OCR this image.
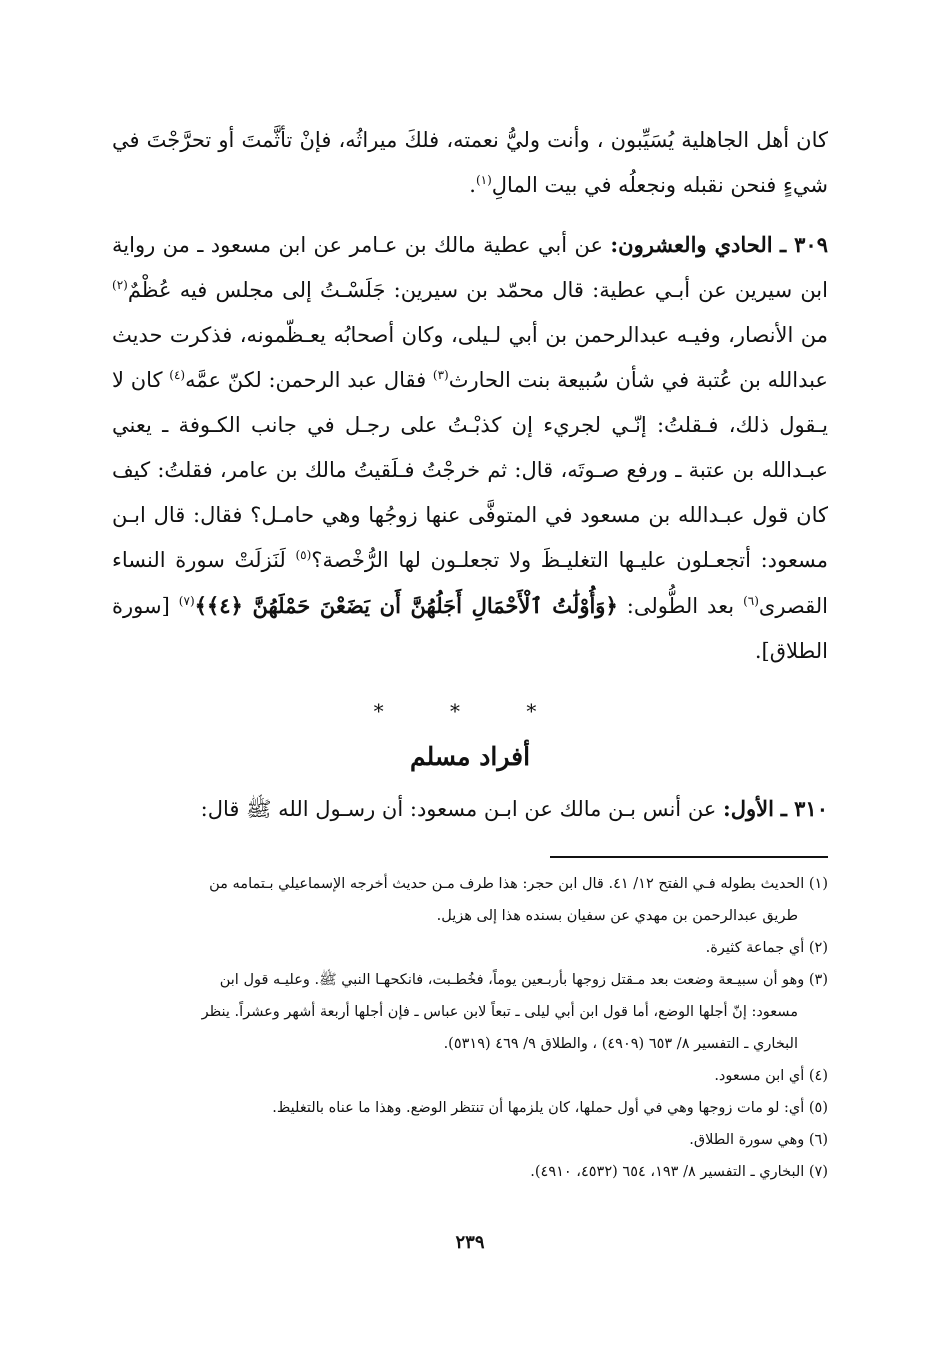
كان أهل الجاهلية يُسَيِّبون ، وأنت وليُّ نعمته، فلكَ ميراثُه، فإنْ تأثَّمتَ أو تحرَّجْتَ في شيءٍ فنحن نقبله ونجعلُه في بيت المالِ$^{(١)}$.

٣٠٩ ـ الحادي والعشرون: عن أبي عطية مالك بن عـامر عن ابن مسعود ـ من رواية ابن سيرين عن أبـي عطية: قال محمّد بن سيرين: جَلَسْـتُ إلى مجلس فيه عُظْمٌ$^{(٢)}$ من الأنصار، وفيـه عبدالرحمن بن أبي لـيلى، وكان أصحابُه يعـظّمونه، فذكرت حديث عبدالله بن عُتبة في شأن سُبيعة بنت الحارث$^{(٣)}$ فقال عبد الرحمن: لكنّ عمَّه$^{(٤)}$ كان لا يـقول ذلك، فـقلتُ: إنّـي لجريء إن كذبْـتُ على رجـل في جانب الكـوفة ـ يعني عبـدالله بن عتبة ـ ورفع صـوتَه، قال: ثم خرجْتُ فـلَقيتُ مالك بن عامر، فقلتُ: كيف كان قول عبـدالله بن مسعود في المتوفَّى عنها زوجُها وهي حامـل؟ فقال: قال ابـن مسعود: أتجعـلون عليـها التغليـظَ ولا تجعلـون لها الرُّخْصة؟$^{(٥)}$ لَنَزلَتْ سورة النساء القصرى$^{(٦)}$ بعد الطُّولى: ﴿وَأُوْلَٰتُ ٱلْأَحْمَالِ أَجَلُهُنَّ أَن يَضَعْنَ حَمْلَهُنَّ ﴿٤﴾﴾$^{(٧)}$ [سورة الطلاق].

* * *
أفراد مسلم

٣١٠ ـ الأول: عن أنس بـن مالك عن ابـن مسعود: أن رسـول الله ﷺ قال:

(١) الحديث بطوله فـي الفتح ١٢/ ٤١. قال ابن حجر: هذا طرف مـن حديث أخرجه الإسماعيلي بـتمامه من
طريق عبدالرحمن بن مهدي عن سفيان بسنده هذا إلى هزيل.

(٢) أي جماعة كثيرة.

(٣) وهو أن سبيـعة وضعت بعد مـقتل زوجها بأربـعين يوماً، فخُطـبت، فانكحهـا النبي ﷺ. وعليـه قول ابن
مسعود: إنّ أجلها الوضع، أما قول ابن أبي ليلى ـ تبعاً لابن عباس ـ فإن أجلها أربعة أشهر وعشراً. ينظر
البخاري ـ التفسير ٨/ ٦٥٣ (٤٩٠٩) ، والطلاق ٩/ ٤٦٩ (٥٣١٩).

(٤) أي ابن مسعود.

(٥) أي: لو مات زوجها وهي في أول حملها، كان يلزمها أن تنتظر الوضع. وهذا ما عناه بالتغليظ.

(٦) وهي سورة الطلاق.

(٧) البخاري ـ التفسير ٨/ ١٩٣، ٦٥٤ (٤٥٣٢، ٤٩١٠).

٢٣٩
